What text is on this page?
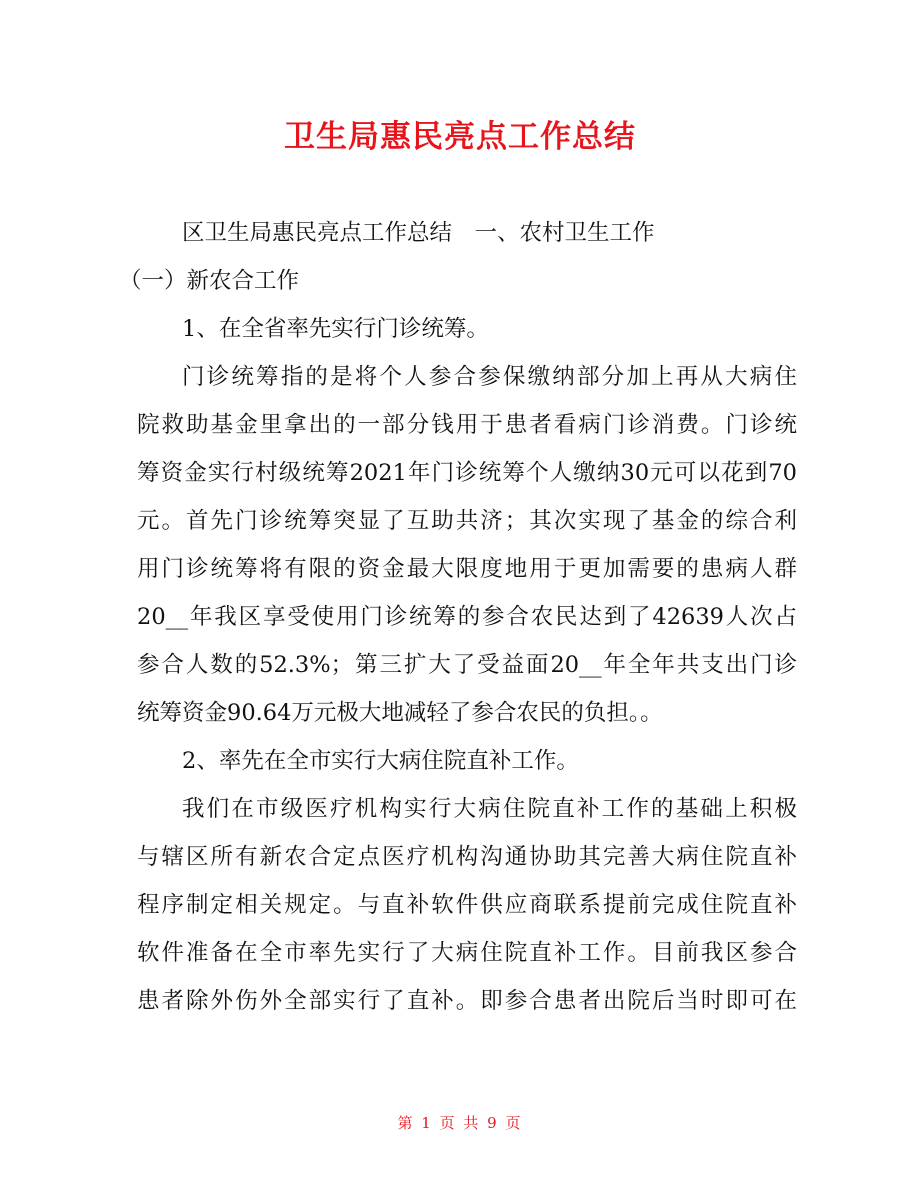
卫生局惠民亮点工作总结
区卫生局惠民亮点工作总结　一、农村卫生工作
（一）新农合工作
1、在全省率先实行门诊统筹。
门诊统筹指的是将个人参合参保缴纳部分加上再从大病住
院救助基金里拿出的一部分钱用于患者看病门诊消费。门诊统
筹资金实行村级统筹2021年门诊统筹个人缴纳30元可以花到70
元。首先门诊统筹突显了互助共济；其次实现了基金的综合利
用门诊统筹将有限的资金最大限度地用于更加需要的患病人群
20__年我区享受使用门诊统筹的参合农民达到了42639人次占
参合人数的52.3%；第三扩大了受益面20__年全年共支出门诊
统筹资金90.64万元极大地减轻了参合农民的负担。。
2、率先在全市实行大病住院直补工作。
我们在市级医疗机构实行大病住院直补工作的基础上积极
与辖区所有新农合定点医疗机构沟通协助其完善大病住院直补
程序制定相关规定。与直补软件供应商联系提前完成住院直补
软件准备在全市率先实行了大病住院直补工作。目前我区参合
患者除外伤外全部实行了直补。即参合患者出院后当时即可在
第 1 页 共 9 页
